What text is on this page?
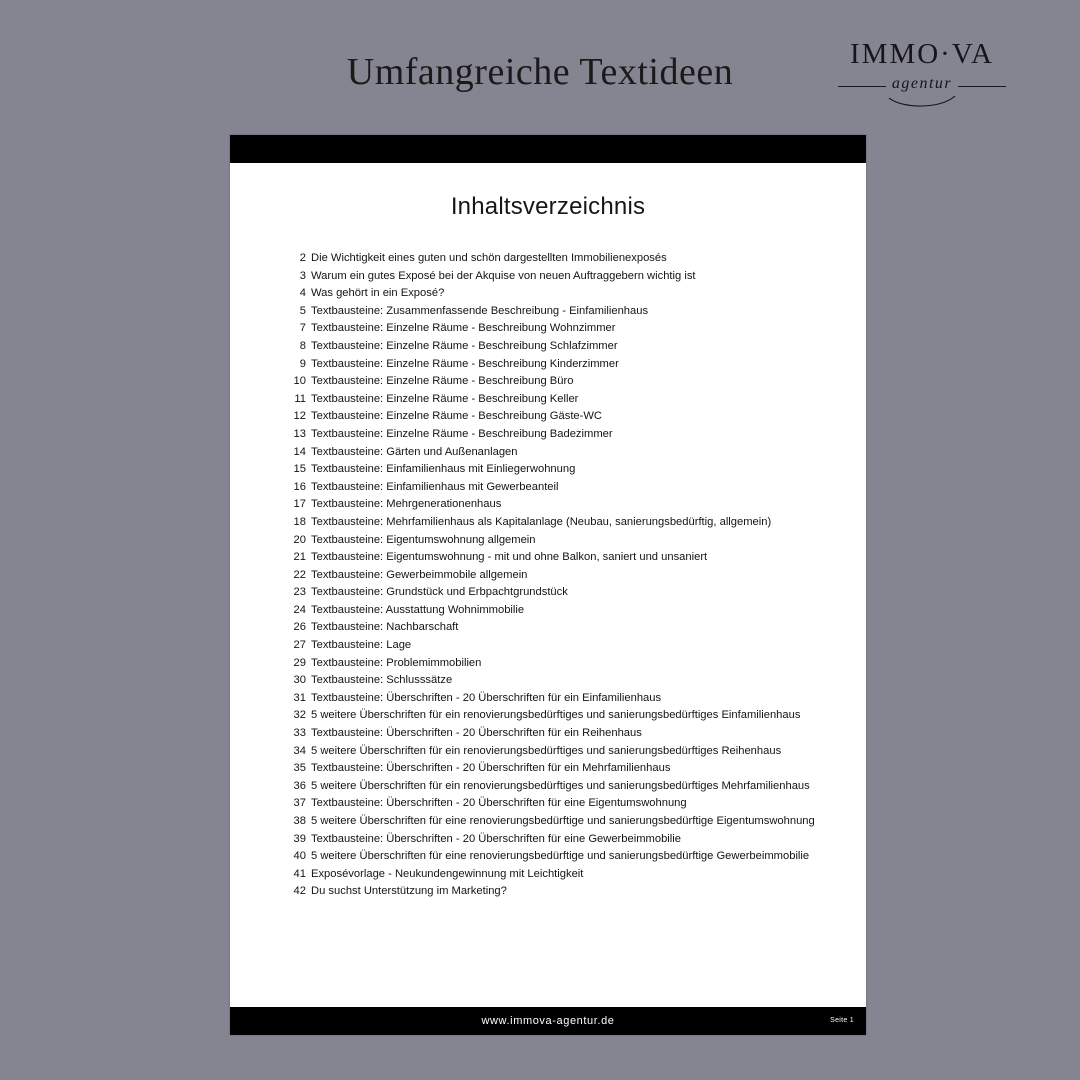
Umfangreiche Textideen	IMMO·VA
agentur
Inhaltsverzeichnis
2 Die Wichtigkeit eines guten und schön dargestellten Immobilienexposés
3 Warum ein gutes Exposé bei der Akquise von neuen Auftraggebern wichtig ist
4 Was gehört in ein Exposé?
5 Textbausteine: Zusammenfassende Beschreibung - Einfamilienhaus
7 Textbausteine: Einzelne Räume - Beschreibung Wohnzimmer
8 Textbausteine: Einzelne Räume - Beschreibung Schlafzimmer
9 Textbausteine: Einzelne Räume - Beschreibung Kinderzimmer
10 Textbausteine: Einzelne Räume - Beschreibung Büro
11 Textbausteine: Einzelne Räume - Beschreibung Keller
12 Textbausteine: Einzelne Räume - Beschreibung Gäste-WC
13 Textbausteine: Einzelne Räume - Beschreibung Badezimmer
14 Textbausteine: Gärten und Außenanlagen
15 Textbausteine: Einfamilienhaus mit Einliegerwohnung
16 Textbausteine: Einfamilienhaus mit Gewerbeanteil
17 Textbausteine: Mehrgenerationenhaus
18 Textbausteine: Mehrfamilienhaus als Kapitalanlage (Neubau, sanierungsbedürftig, allgemein)
20 Textbausteine: Eigentumswohnung allgemein
21 Textbausteine: Eigentumswohnung - mit und ohne Balkon, saniert und unsaniert
22 Textbausteine: Gewerbeimmobile allgemein
23 Textbausteine: Grundstück und Erbpachtgrundstück
24 Textbausteine: Ausstattung Wohnimmobilie
26 Textbausteine: Nachbarschaft
27 Textbausteine: Lage
29 Textbausteine: Problemimmobilien
30 Textbausteine: Schlusssätze
31 Textbausteine: Überschriften - 20 Überschriften für ein Einfamilienhaus
32 5 weitere Überschriften für ein renovierungsbedürftiges und sanierungsbedürftiges Einfamilienhaus
33 Textbausteine: Überschriften - 20 Überschriften für ein Reihenhaus
34 5 weitere Überschriften für ein renovierungsbedürftiges und sanierungsbedürftiges Reihenhaus
35 Textbausteine: Überschriften - 20 Überschriften für ein Mehrfamilienhaus
36 5 weitere Überschriften für ein renovierungsbedürftiges und sanierungsbedürftiges Mehrfamilienhaus
37 Textbausteine: Überschriften - 20 Überschriften für eine Eigentumswohnung
38 5 weitere Überschriften für eine renovierungsbedürftige und sanierungsbedürftige Eigentumswohnung
39 Textbausteine: Überschriften - 20 Überschriften für eine Gewerbeimmobilie
40 5 weitere Überschriften für eine renovierungsbedürftige und sanierungsbedürftige Gewerbeimmobilie
41 Exposévorlage - Neukundengewinnung mit Leichtigkeit
42 Du suchst Unterstützung im Marketing?
www.immova-agentur.de	Seite 1
